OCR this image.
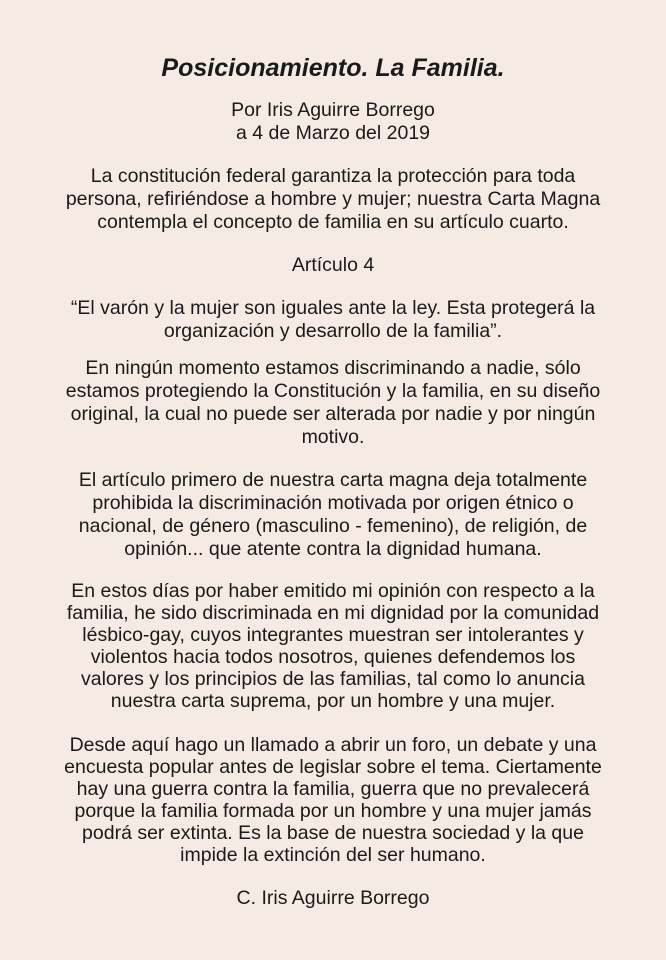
Posicionamiento. La Familia.

Por Iris Aguirre Borrego

a 4 de Marzo del 2019

La constitución federal garantiza la protección para toda

persona, refiriéndose a hombre y mujer; nuestra Carta Magna

contempla el concepto de familia en su artículo cuarto.

Artículo 4

“El varón y la mujer son iguales ante la ley. Esta protegerá la

organización y desarrollo de la familia”.

En ningún momento estamos discriminando a nadie, sólo

estamos protegiendo la Constitución y la familia, en su diseño

original, la cual no puede ser alterada por nadie y por ningún

motivo.

El artículo primero de nuestra carta magna deja totalmente

prohibida la discriminación motivada por origen étnico o

nacional, de género (masculino - femenino), de religión, de

opinión... que atente contra la dignidad humana.

En estos días por haber emitido mi opinión con respecto a la

familia, he sido discriminada en mi dignidad por la comunidad

lésbico-gay, cuyos integrantes muestran ser intolerantes y

violentos hacia todos nosotros, quienes defendemos los

valores y los principios de las familias, tal como lo anuncia

nuestra carta suprema, por un hombre y una mujer.

Desde aquí hago un llamado a abrir un foro, un debate y una

encuesta popular antes de legislar sobre el tema. Ciertamente

hay una guerra contra la familia, guerra que no prevalecerá

porque la familia formada por un hombre y una mujer jamás

podrá ser extinta. Es la base de nuestra sociedad y la que

impide la extinción del ser humano.

C. Iris Aguirre Borrego
